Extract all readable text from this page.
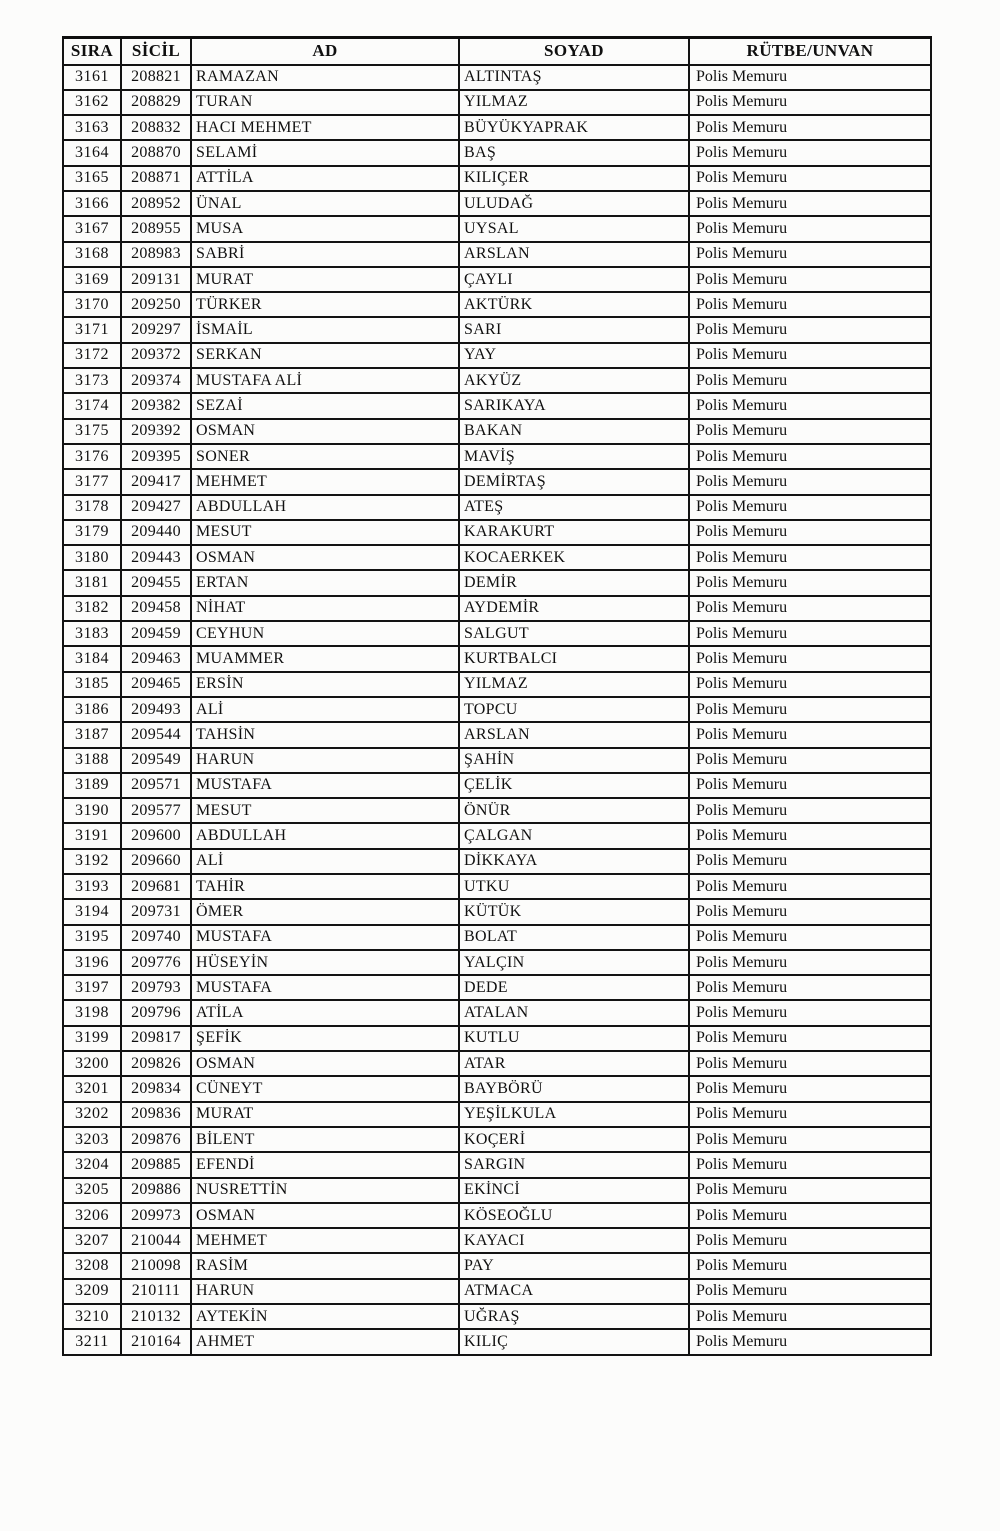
SIRA	SİCİL	AD	SOYAD	RÜTBE/UNVAN
3161	208821	RAMAZAN	ALTINTAŞ	Polis Memuru
3162	208829	TURAN	YILMAZ	Polis Memuru
3163	208832	HACI MEHMET	BÜYÜKYAPRAK	Polis Memuru
3164	208870	SELAMİ	BAŞ	Polis Memuru
3165	208871	ATTİLA	KILIÇER	Polis Memuru
3166	208952	ÜNAL	ULUDAĞ	Polis Memuru
3167	208955	MUSA	UYSAL	Polis Memuru
3168	208983	SABRİ	ARSLAN	Polis Memuru
3169	209131	MURAT	ÇAYLI	Polis Memuru
3170	209250	TÜRKER	AKTÜRK	Polis Memuru
3171	209297	İSMAİL	SARI	Polis Memuru
3172	209372	SERKAN	YAY	Polis Memuru
3173	209374	MUSTAFA ALİ	AKYÜZ	Polis Memuru
3174	209382	SEZAİ	SARIKAYA	Polis Memuru
3175	209392	OSMAN	BAKAN	Polis Memuru
3176	209395	SONER	MAVİŞ	Polis Memuru
3177	209417	MEHMET	DEMİRTAŞ	Polis Memuru
3178	209427	ABDULLAH	ATEŞ	Polis Memuru
3179	209440	MESUT	KARAKURT	Polis Memuru
3180	209443	OSMAN	KOCAERKEK	Polis Memuru
3181	209455	ERTAN	DEMİR	Polis Memuru
3182	209458	NİHAT	AYDEMİR	Polis Memuru
3183	209459	CEYHUN	SALGUT	Polis Memuru
3184	209463	MUAMMER	KURTBALCI	Polis Memuru
3185	209465	ERSİN	YILMAZ	Polis Memuru
3186	209493	ALİ	TOPCU	Polis Memuru
3187	209544	TAHSİN	ARSLAN	Polis Memuru
3188	209549	HARUN	ŞAHİN	Polis Memuru
3189	209571	MUSTAFA	ÇELİK	Polis Memuru
3190	209577	MESUT	ÖNÜR	Polis Memuru
3191	209600	ABDULLAH	ÇALGAN	Polis Memuru
3192	209660	ALİ	DİKKAYA	Polis Memuru
3193	209681	TAHİR	UTKU	Polis Memuru
3194	209731	ÖMER	KÜTÜK	Polis Memuru
3195	209740	MUSTAFA	BOLAT	Polis Memuru
3196	209776	HÜSEYİN	YALÇIN	Polis Memuru
3197	209793	MUSTAFA	DEDE	Polis Memuru
3198	209796	ATİLA	ATALAN	Polis Memuru
3199	209817	ŞEFİK	KUTLU	Polis Memuru
3200	209826	OSMAN	ATAR	Polis Memuru
3201	209834	CÜNEYT	BAYBÖRÜ	Polis Memuru
3202	209836	MURAT	YEŞİLKULA	Polis Memuru
3203	209876	BİLENT	KOÇERİ	Polis Memuru
3204	209885	EFENDİ	SARGIN	Polis Memuru
3205	209886	NUSRETTİN	EKİNCİ	Polis Memuru
3206	209973	OSMAN	KÖSEOĞLU	Polis Memuru
3207	210044	MEHMET	KAYACI	Polis Memuru
3208	210098	RASİM	PAY	Polis Memuru
3209	210111	HARUN	ATMACA	Polis Memuru
3210	210132	AYTEKİN	UĞRAŞ	Polis Memuru
3211	210164	AHMET	KILIÇ	Polis Memuru
